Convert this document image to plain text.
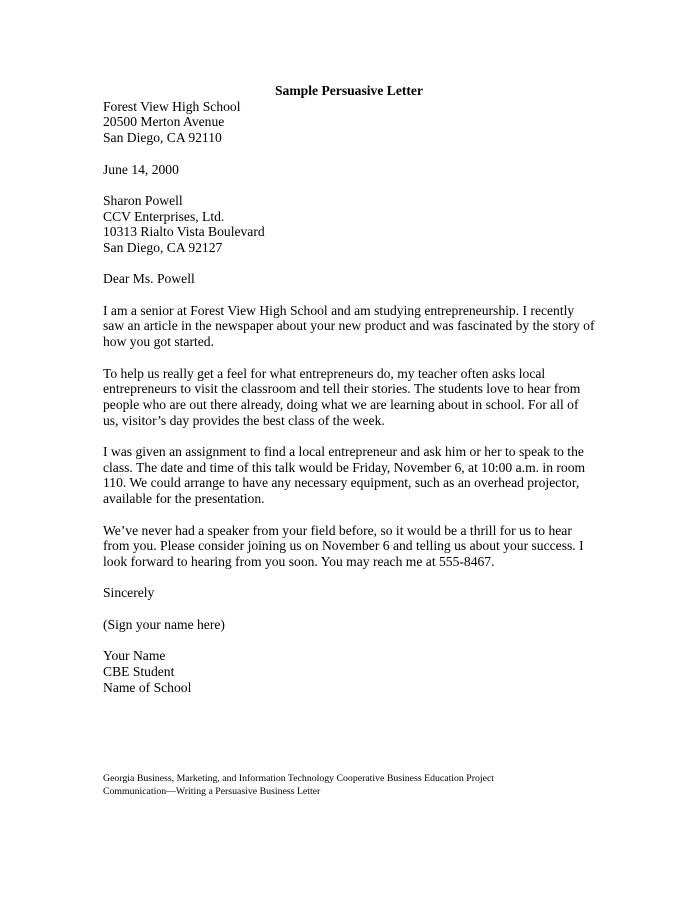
Sample Persuasive Letter
Forest View High School
20500 Merton Avenue
San Diego, CA 92110
June 14, 2000
Sharon Powell
CCV Enterprises, Ltd.
10313 Rialto Vista Boulevard
San Diego, CA 92127
Dear Ms. Powell

I am a senior at Forest View High School and am studying entrepreneurship. I recently saw an article in the newspaper about your new product and was fascinated by the story of how you got started.

To help us really get a feel for what entrepreneurs do, my teacher often asks local entrepreneurs to visit the classroom and tell their stories. The students love to hear from people who are out there already, doing what we are learning about in school. For all of us, visitor’s day provides the best class of the week.

I was given an assignment to find a local entrepreneur and ask him or her to speak to the class. The date and time of this talk would be Friday, November 6, at 10:00 a.m. in room 110. We could arrange to have any necessary equipment, such as an overhead projector, available for the presentation.

We’ve never had a speaker from your field before, so it would be a thrill for us to hear from you. Please consider joining us on November 6 and telling us about your success. I look forward to hearing from you soon. You may reach me at 555-8467.

Sincerely
(Sign your name here)
Your Name
CBE Student
Name of School
Georgia Business, Marketing, and Information Technology Cooperative Business Education Project
Communication—Writing a Persuasive Business Letter
